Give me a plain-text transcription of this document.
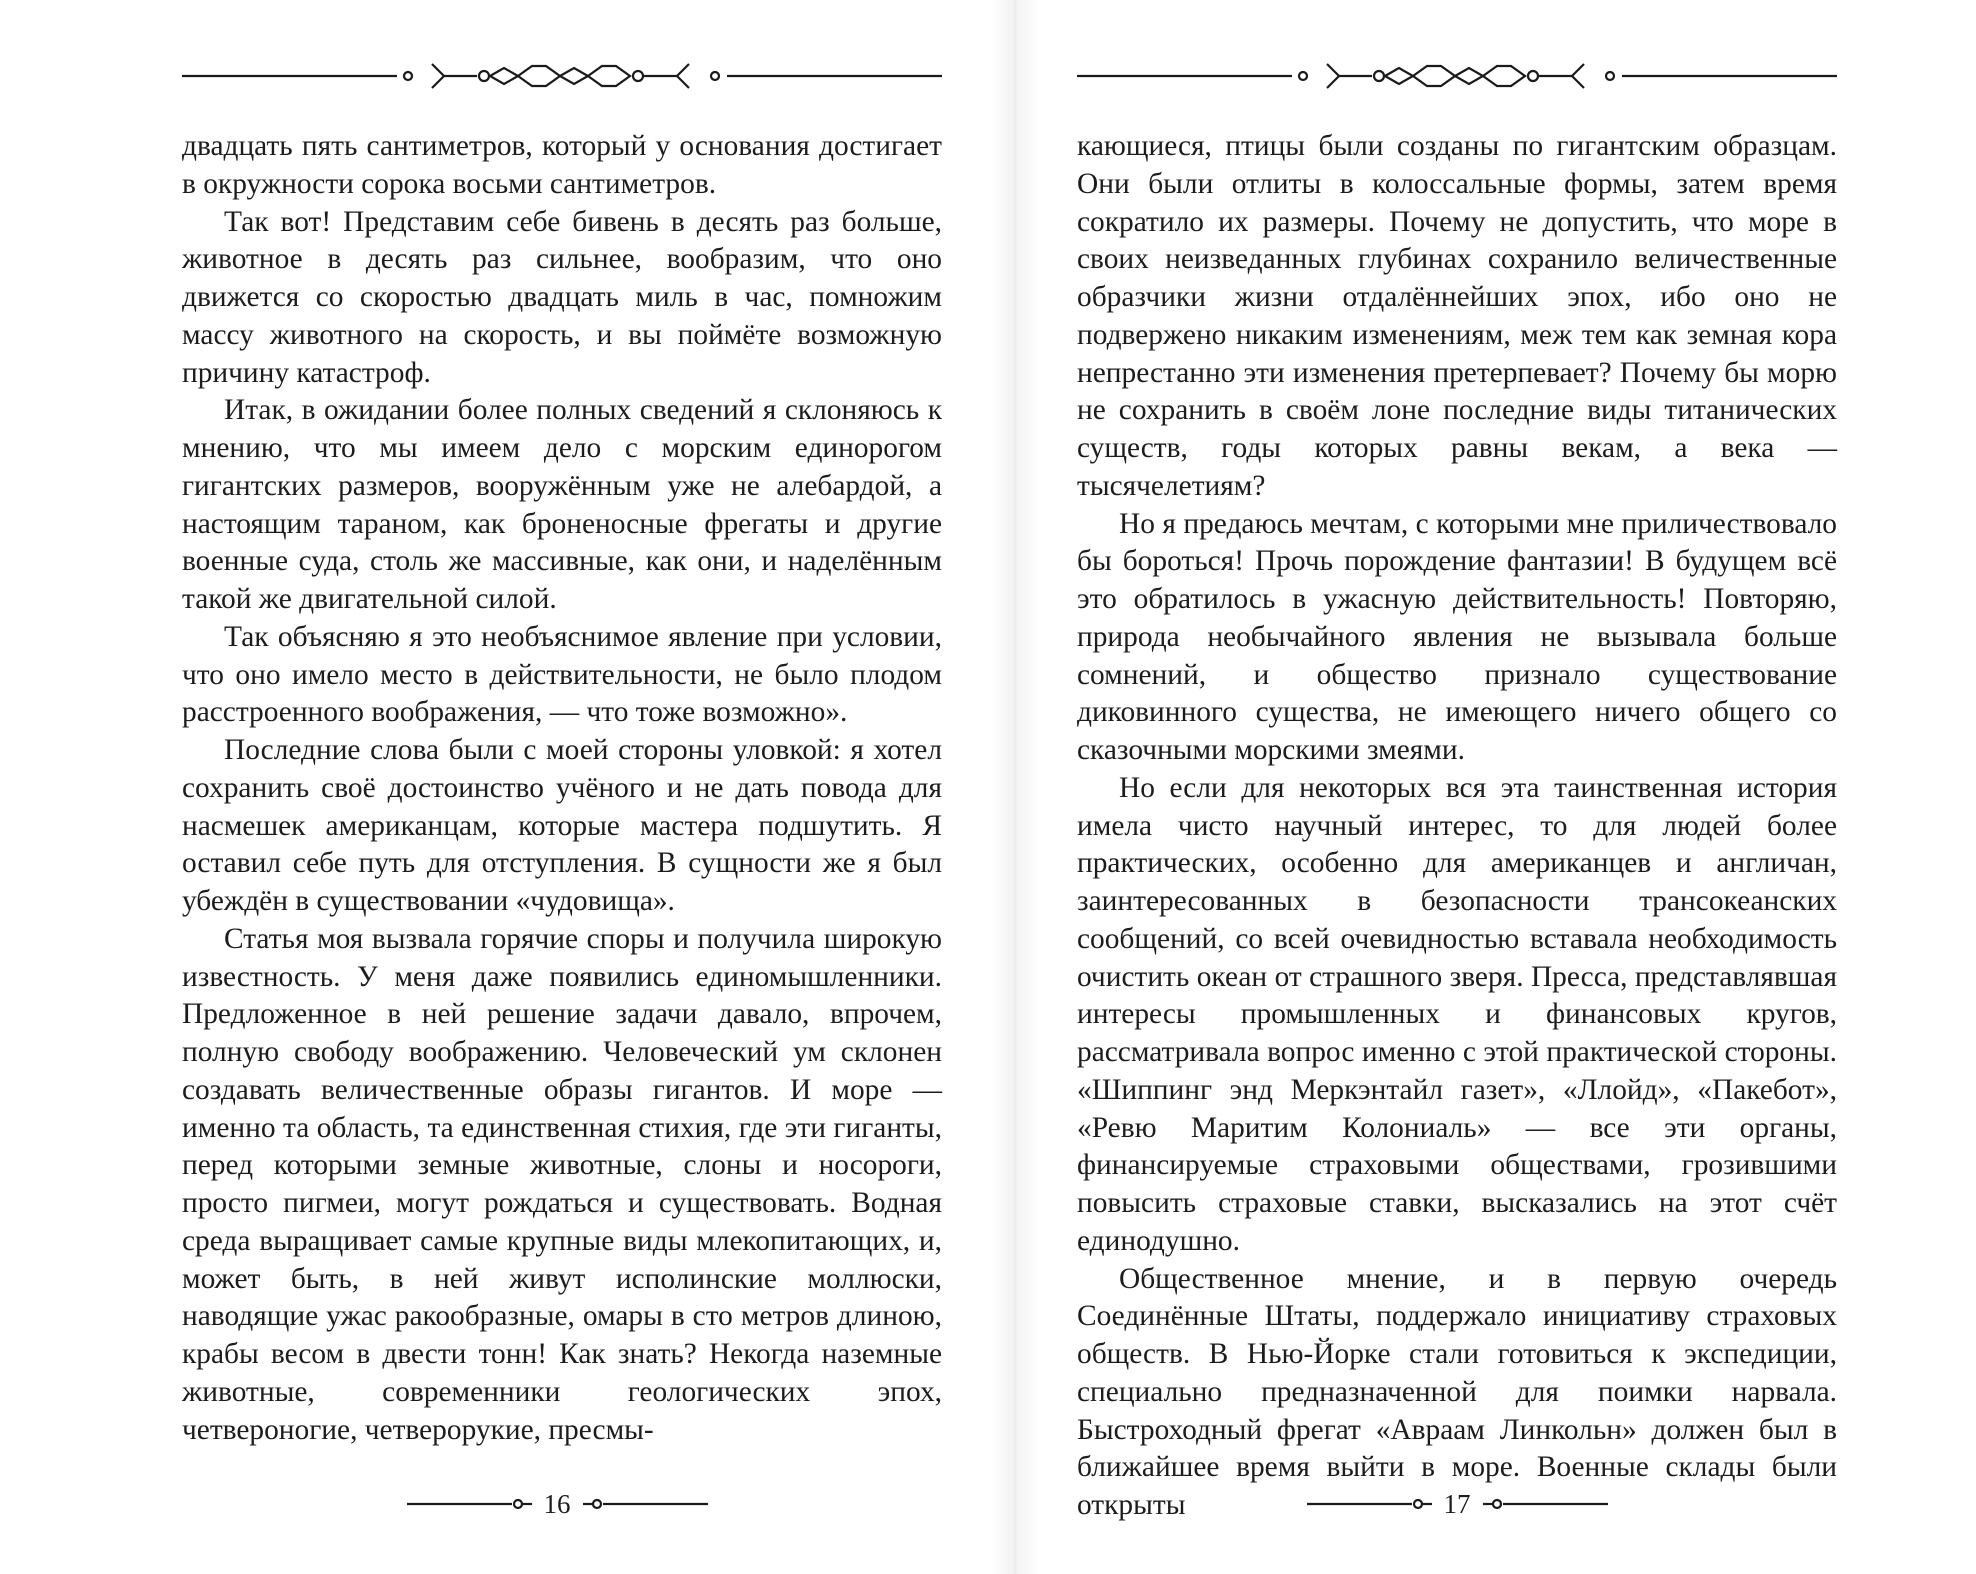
двадцать пять сантиметров, который у основания достигает в окружности сорока восьми сантиметров.

Так вот! Представим себе бивень в десять раз больше, животное в десять раз сильнее, вообразим, что оно движется со скоростью двадцать миль в час, помножим массу животного на скорость, и вы поймёте возможную причину катастроф.

Итак, в ожидании более полных сведений я склоняюсь к мнению, что мы имеем дело с морским единорогом гигантских размеров, вооружённым уже не алебардой, а настоящим тараном, как броненосные фрегаты и другие военные суда, столь же массивные, как они, и наделённым такой же двигательной силой.

Так объясняю я это необъяснимое явление при условии, что оно имело место в действительности, не было плодом расстроенного воображения, — что тоже возможно».

Последние слова были с моей стороны уловкой: я хотел сохранить своё достоинство учёного и не дать повода для насмешек американцам, которые мастера подшутить. Я оставил себе путь для отступления. В сущности же я был убеждён в существовании «чудовища».

Статья моя вызвала горячие споры и получила широкую известность. У меня даже появились единомышленники. Предложенное в ней решение задачи давало, впрочем, полную свободу воображению. Человеческий ум склонен создавать величественные образы гигантов. И море — именно та область, та единственная стихия, где эти гиганты, перед которыми земные животные, слоны и носороги, просто пигмеи, могут рождаться и существовать. Водная среда выращивает самые крупные виды млекопитающих, и, может быть, в ней живут исполинские моллюски, наводящие ужас ракообразные, омары в сто метров длиною, крабы весом в двести тонн! Как знать? Некогда наземные животные, современники геологических эпох, четвероногие, четверорукие, пресмы-

16

кающиеся, птицы были созданы по гигантским образцам. Они были отлиты в колоссальные формы, затем время сократило их размеры. Почему не допустить, что море в своих неизведанных глубинах сохранило величественные образчики жизни отдалённейших эпох, ибо оно не подвержено никаким изменениям, меж тем как земная кора непрестанно эти изменения претерпевает? Почему бы морю не сохранить в своём лоне последние виды титанических существ, годы которых равны векам, а века — тысячелетиям?

Но я предаюсь мечтам, с которыми мне приличествовало бы бороться! Прочь порождение фантазии! В будущем всё это обратилось в ужасную действительность! Повторяю, природа необычайного явления не вызывала больше сомнений, и общество признало существование диковинного существа, не имеющего ничего общего со сказочными морскими змеями.

Но если для некоторых вся эта таинственная история имела чисто научный интерес, то для людей более практических, особенно для американцев и англичан, заинтересованных в безопасности трансокеанских сообщений, со всей очевидностью вставала необходимость очистить океан от страшного зверя. Пресса, представлявшая интересы промышленных и финансовых кругов, рассматривала вопрос именно с этой практической стороны. «Шиппинг энд Меркэнтайл газет», «Ллойд», «Пакебот», «Ревю Маритим Колониаль» — все эти органы, финансируемые страховыми обществами, грозившими повысить страховые ставки, высказались на этот счёт единодушно.

Общественное мнение, и в первую очередь Соединённые Штаты, поддержало инициативу страховых обществ. В Нью-Йорке стали готовиться к экспедиции, специально предназначенной для поимки нарвала. Быстроходный фрегат «Авраам Линкольн» должен был в ближайшее время выйти в море. Военные склады были открыты	17
